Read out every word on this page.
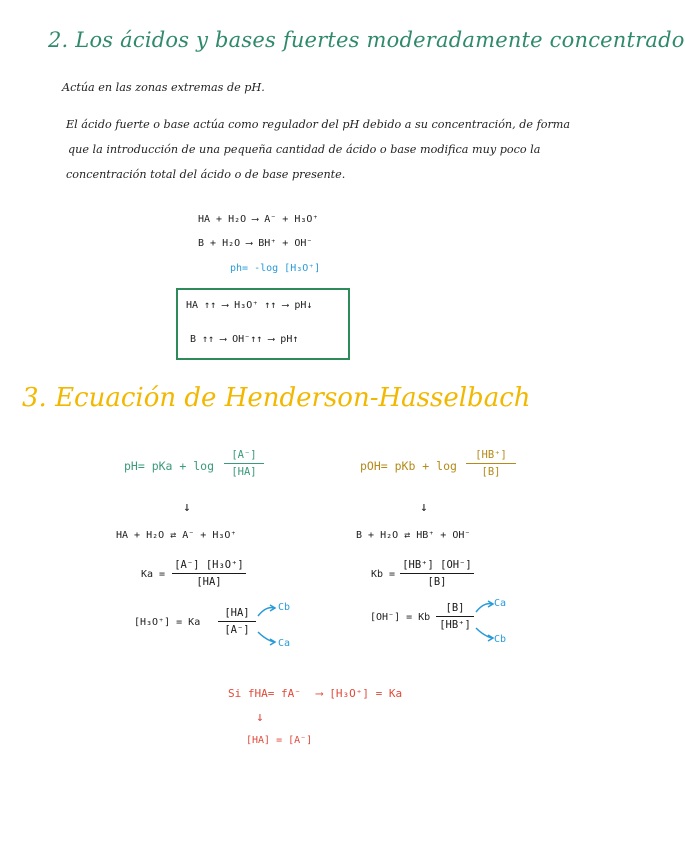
2. Los ácidos y bases fuertes moderadamente concentrado
Actúa en las zonas extremas de pH.
El ácido fuerte o base actúa como regulador del pH debido a su concentración, de forma
que la introducción de una pequeña cantidad de ácido o base modifica muy poco la
concentración total del ácido o de base presente.
HA + H₂O ⟶ A⁻ + H₃O⁺
B + H₂O ⟶ BH⁺ + OH⁻
ph= -log [H₃O⁺]
HA ↑↑ ⟶ H₃O⁺ ↑↑ ⟶ pH↓
B ↑↑ ⟶ OH⁻↑↑ ⟶ pH↑
3. Ecuación de Henderson-Hasselbach
pH= pKa + log
[A⁻]
[HA]
↓
HA + H₂O ⇄ A⁻ + H₃O⁺
Ka =
[A⁻] [H₃O⁺]
[HA]
[H₃O⁺] = Ka
[HA]
[A⁻]
Cb
Ca
pOH= pKb + log
[HB⁺]
[B]
↓
B + H₂O ⇄ HB⁺ + OH⁻
Kb =
[HB⁺] [OH⁻]
[B]
[OH⁻] = Kb
[B]
[HB⁺]
Ca
Cb
Si fHA= fA⁻ ⟶ [H₃O⁺] = Ka
↓
[HA] = [A⁻]
